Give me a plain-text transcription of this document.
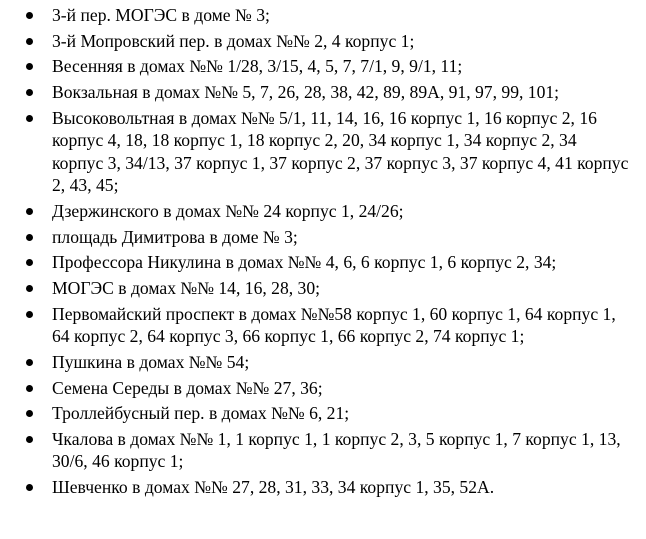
3-й пер. МОГЭС в доме № 3;
3-й Мопровский пер. в домах №№ 2, 4 корпус 1;
Весенняя в домах №№ 1/28, 3/15, 4, 5, 7, 7/1, 9, 9/1, 11;
Вокзальная в домах №№ 5, 7, 26, 28, 38, 42, 89, 89А, 91, 97, 99, 101;
Высоковольтная в домах №№ 5/1, 11, 14, 16, 16 корпус 1, 16 корпус 2, 16 корпус 4, 18, 18 корпус 1, 18 корпус 2, 20, 34 корпус 1, 34 корпус 2, 34 корпус 3, 34/13, 37 корпус 1, 37 корпус 2, 37 корпус 3, 37 корпус 4, 41 корпус 2, 43, 45;
Дзержинского в домах №№ 24 корпус 1, 24/26;
площадь Димитрова в доме № 3;
Профессора Никулина в домах №№ 4, 6, 6 корпус 1, 6 корпус 2, 34;
МОГЭС в домах №№ 14, 16, 28, 30;
Первомайский проспект в домах №№58 корпус 1, 60 корпус 1, 64 корпус 1, 64 корпус 2, 64 корпус 3, 66 корпус 1, 66 корпус 2, 74 корпус 1;
Пушкина в домах №№ 54;
Семена Середы в домах №№ 27, 36;
Троллейбусный пер. в домах №№ 6, 21;
Чкалова в домах №№ 1, 1 корпус 1, 1 корпус 2, 3, 5 корпус 1, 7 корпус 1, 13, 30/6, 46 корпус 1;
Шевченко в домах №№ 27, 28, 31, 33, 34 корпус 1, 35, 52А.
